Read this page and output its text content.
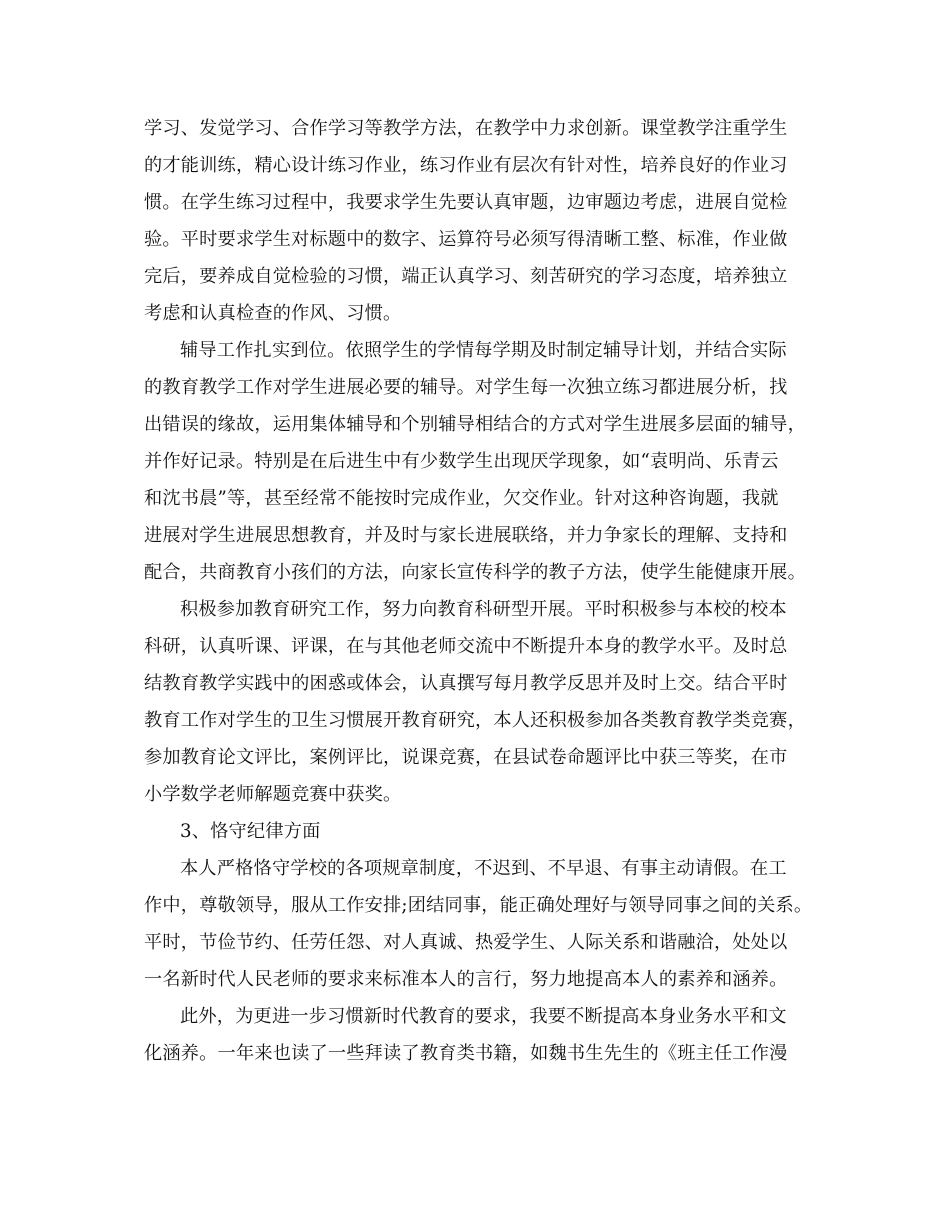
学习、发觉学习、合作学习等教学方法，在教学中力求创新。课堂教学注重学生
的才能训练，精心设计练习作业，练习作业有层次有针对性，培养良好的作业习
惯。在学生练习过程中，我要求学生先要认真审题，边审题边考虑，进展自觉检
验。平时要求学生对标题中的数字、运算符号必须写得清晰工整、标准，作业做
完后，要养成自觉检验的习惯，端正认真学习、刻苦研究的学习态度，培养独立
考虑和认真检查的作风、习惯。
辅导工作扎实到位。依照学生的学情每学期及时制定辅导计划，并结合实际
的教育教学工作对学生进展必要的辅导。对学生每一次独立练习都进展分析，找
出错误的缘故，运用集体辅导和个别辅导相结合的方式对学生进展多层面的辅导，
并作好记录。特别是在后进生中有少数学生出现厌学现象，如“袁明尚、乐青云
和沈书晨”等，甚至经常不能按时完成作业，欠交作业。针对这种咨询题，我就
进展对学生进展思想教育，并及时与家长进展联络，并力争家长的理解、支持和
配合，共商教育小孩们的方法，向家长宣传科学的教子方法，使学生能健康开展。
积极参加教育研究工作，努力向教育科研型开展。平时积极参与本校的校本
科研，认真听课、评课，在与其他老师交流中不断提升本身的教学水平。及时总
结教育教学实践中的困惑或体会，认真撰写每月教学反思并及时上交。结合平时
教育工作对学生的卫生习惯展开教育研究，本人还积极参加各类教育教学类竞赛，
参加教育论文评比，案例评比，说课竞赛，在县试卷命题评比中获三等奖，在市
小学数学老师解题竞赛中获奖。
3、恪守纪律方面
本人严格恪守学校的各项规章制度，不迟到、不早退、有事主动请假。在工
作中，尊敬领导，服从工作安排;团结同事，能正确处理好与领导同事之间的关系。
平时，节俭节约、任劳任怨、对人真诚、热爱学生、人际关系和谐融洽，处处以
一名新时代人民老师的要求来标准本人的言行，努力地提高本人的素养和涵养。
此外，为更进一步习惯新时代教育的要求，我要不断提高本身业务水平和文
化涵养。一年来也读了一些拜读了教育类书籍，如魏书生先生的《班主任工作漫
